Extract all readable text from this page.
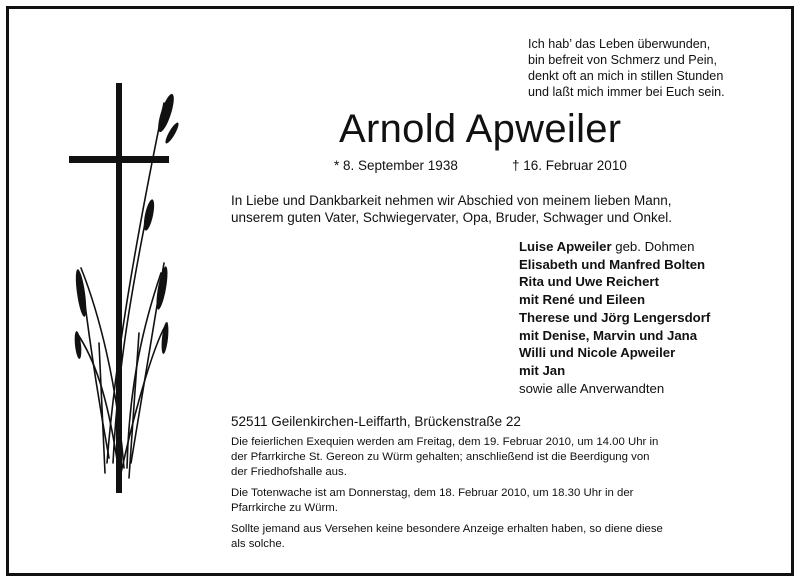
Ich hab’ das Leben überwunden,
bin befreit von Schmerz und Pein,
denkt oft an mich in stillen Stunden
und laßt mich immer bei Euch sein.
Arnold Apweiler
* 8. September 1938	† 16. Februar 2010
In Liebe und Dankbarkeit nehmen wir Abschied von meinem lieben Mann,
unserem guten Vater, Schwiegervater, Opa, Bruder, Schwager und Onkel.
Luise Apweiler geb. Dohmen
Elisabeth und Manfred Bolten
Rita und Uwe Reichert
mit René und Eileen
Therese und Jörg Lengersdorf
mit Denise, Marvin und Jana
Willi und Nicole Apweiler
mit Jan
sowie alle Anverwandten
52511 Geilenkirchen-Leiffarth, Brückenstraße 22
Die feierlichen Exequien werden am Freitag, dem 19. Februar 2010, um 14.00 Uhr in
der Pfarrkirche St. Gereon zu Würm gehalten; anschließend ist die Beerdigung von
der Friedhofshalle aus.
Die Totenwache ist am Donnerstag, dem 18. Februar 2010, um 18.30 Uhr in der
Pfarrkirche zu Würm.
Sollte jemand aus Versehen keine besondere Anzeige erhalten haben, so diene diese
als solche.
